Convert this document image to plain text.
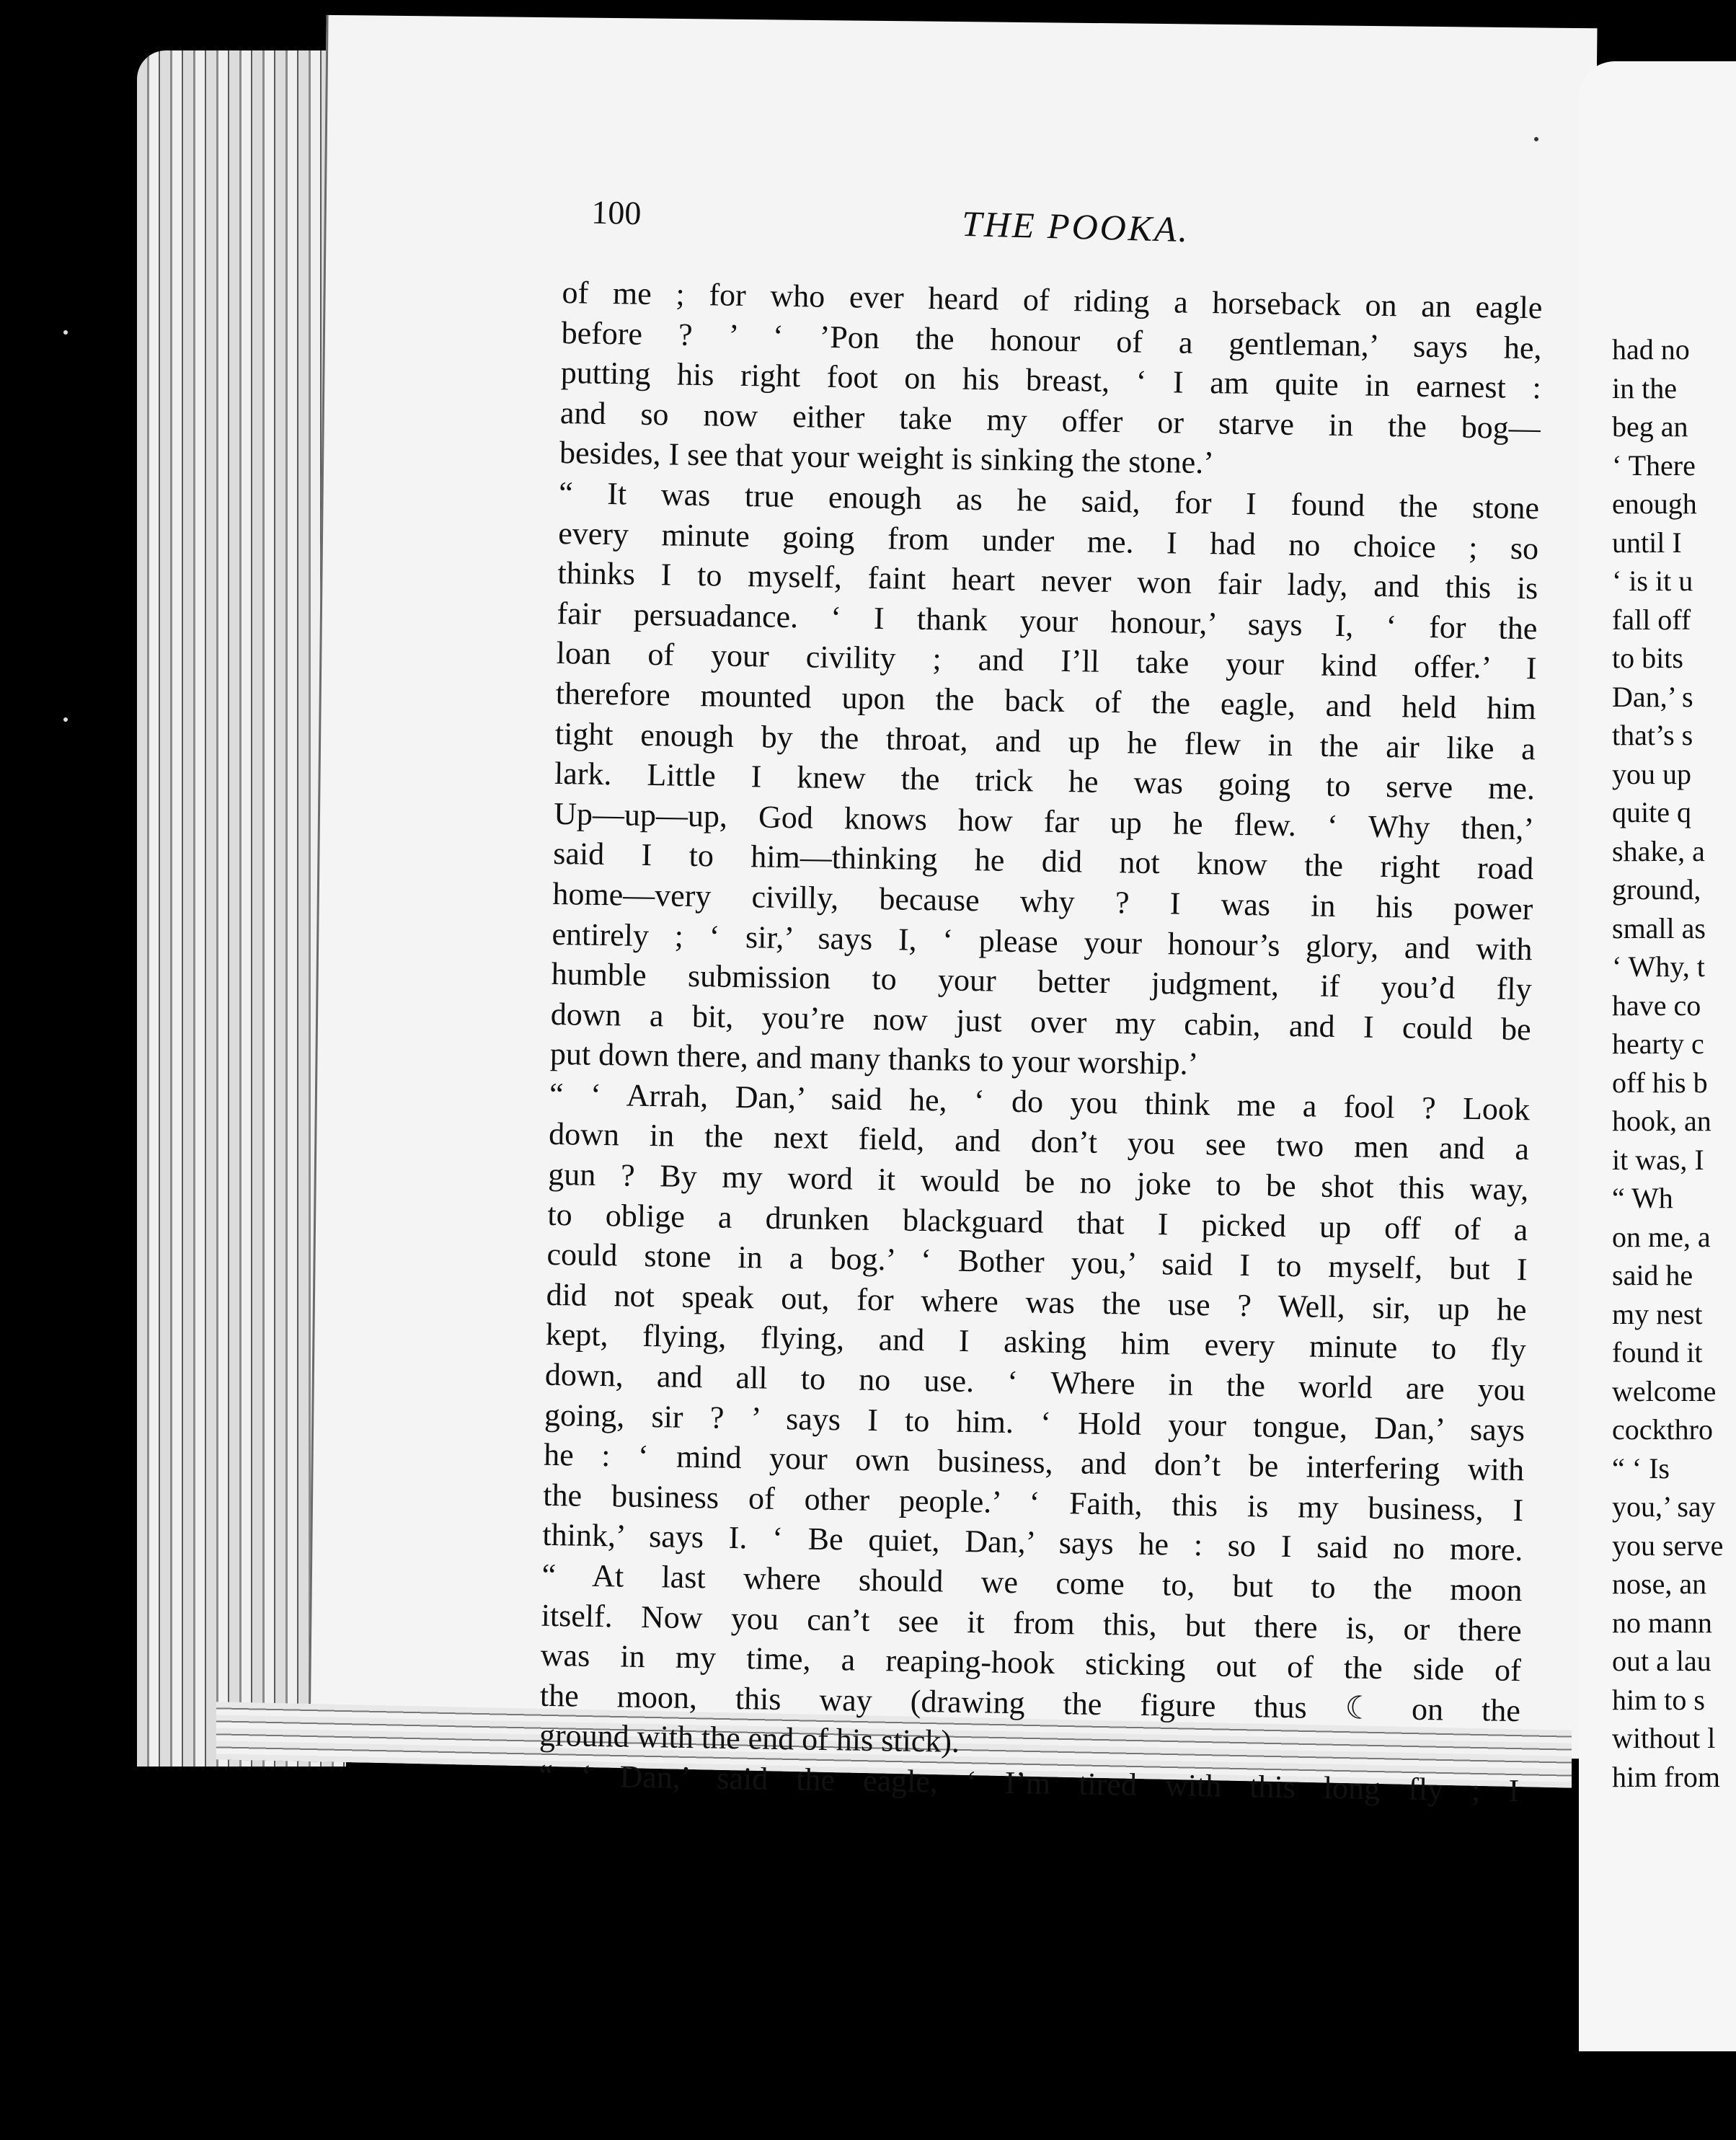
100	THE POOKA.
of me ; for who ever heard of riding a horseback on an eagle
before ? ’ ‘ ’Pon the honour of a gentleman,’ says he,
putting his right foot on his breast, ‘ I am quite in earnest :
and so now either take my offer or starve in the bog—
besides, I see that your weight is sinking the stone.’
“ It was true enough as he said, for I found the stone
every minute going from under me. I had no choice ; so
thinks I to myself, faint heart never won fair lady, and this is
fair persuadance. ‘ I thank your honour,’ says I, ‘ for the
loan of your civility ; and I’ll take your kind offer.’ I
therefore mounted upon the back of the eagle, and held him
tight enough by the throat, and up he flew in the air like a
lark. Little I knew the trick he was going to serve me.
Up—up—up, God knows how far up he flew. ‘ Why then,’
said I to him—thinking he did not know the right road
home—very civilly, because why ? I was in his power
entirely ; ‘ sir,’ says I, ‘ please your honour’s glory, and with
humble submission to your better judgment, if you’d fly
down a bit, you’re now just over my cabin, and I could be
put down there, and many thanks to your worship.’
“ ‘ Arrah, Dan,’ said he, ‘ do you think me a fool ? Look
down in the next field, and don’t you see two men and a
gun ? By my word it would be no joke to be shot this way,
to oblige a drunken blackguard that I picked up off of a
could stone in a bog.’ ‘ Bother you,’ said I to myself, but I
did not speak out, for where was the use ? Well, sir, up he
kept, flying, flying, and I asking him every minute to fly
down, and all to no use. ‘ Where in the world are you
going, sir ? ’ says I to him. ‘ Hold your tongue, Dan,’ says
he : ‘ mind your own business, and don’t be interfering with
the business of other people.’ ‘ Faith, this is my business, I
think,’ says I. ‘ Be quiet, Dan,’ says he : so I said no more.
“ At last where should we come to, but to the moon
itself. Now you can’t see it from this, but there is, or there
was in my time, a reaping-hook sticking out of the side of
the moon, this way (drawing the figure thus ☾ on the
ground with the end of his stick).
“ ‘ Dan,’ said the eagle, ‘ I’m tired with this long fly ; I
had no
in the
beg an
‘ There
enough
until I
‘ is it u
fall off
to bits
Dan,’ s
that’s s
you up
quite q
shake, a
ground,
small as
‘ Why, t
have co
hearty c
off his b
hook, an
it was, I
“ Wh
on me, a
said he
my nest
found it
welcome
cockthro
“ ‘ Is
you,’ say
you serve
nose, an
no mann
out a lau
him to s
without l
him from
